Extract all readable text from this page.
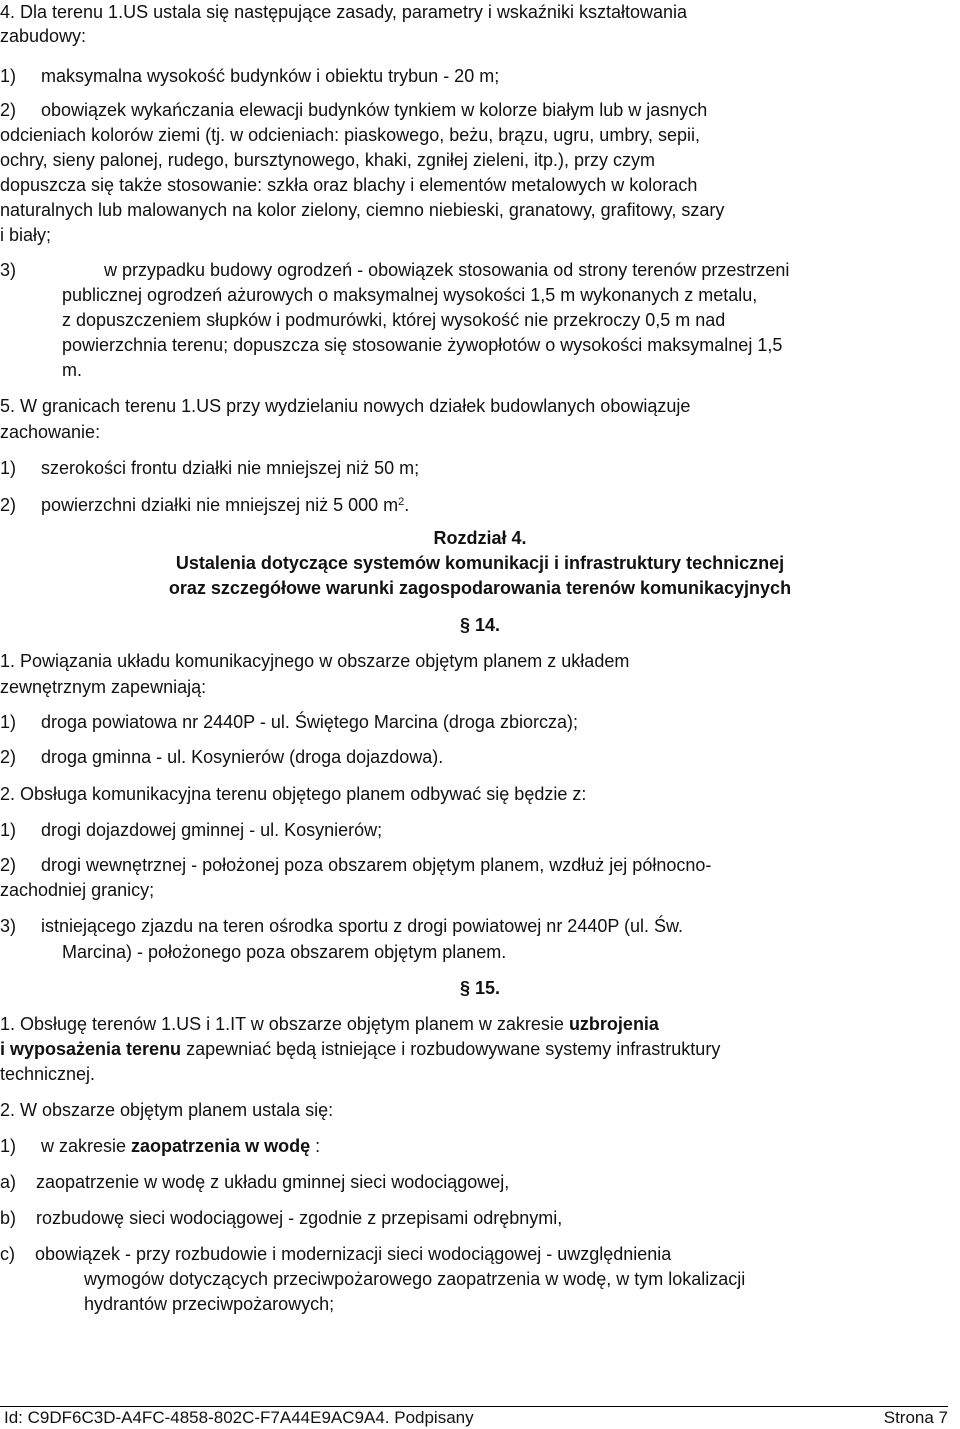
4. Dla terenu 1.US ustala się następujące zasady, parametry i wskaźniki kształtowania
zabudowy:
1)     maksymalna wysokość budynków i obiektu trybun - 20 m;
2)     obowiązek wykańczania elewacji budynków tynkiem w kolorze białym lub w jasnych
odcieniach kolorów ziemi (tj. w odcieniach: piaskowego, beżu, brązu, ugru, umbry, sepii,
ochry, sieny palonej, rudego, bursztynowego, khaki, zgniłej zieleni, itp.), przy czym
dopuszcza się także stosowanie: szkła oraz blachy i elementów metalowych w kolorach
naturalnych lub malowanych na kolor zielony, ciemno niebieski, granatowy, grafitowy, szary
i biały;
3)	w przypadku budowy ogrodzeń - obowiązek stosowania od strony terenów przestrzeni
publicznej ogrodzeń ażurowych o maksymalnej wysokości 1,5 m wykonanych z metalu,
z dopuszczeniem słupków i podmurówki, której wysokość nie przekroczy 0,5 m nad
powierzchnia terenu; dopuszcza się stosowanie żywopłotów o wysokości maksymalnej 1,5
m.
5. W granicach terenu 1.US przy wydzielaniu nowych działek budowlanych obowiązuje
zachowanie:
1)     szerokości frontu działki nie mniejszej niż 50 m;
2)     powierzchni działki nie mniejszej niż 5 000 $m^2$.
Rozdział 4.
Ustalenia dotyczące systemów komunikacji i infrastruktury technicznej
oraz szczegółowe warunki zagospodarowania terenów komunikacyjnych
§ 14.
1. Powiązania układu komunikacyjnego w obszarze objętym planem z układem
zewnętrznym zapewniają:
1)     droga powiatowa nr 2440P - ul. Świętego Marcina (droga zbiorcza);
2)     droga gminna - ul. Kosynierów (droga dojazdowa).
2. Obsługa komunikacyjna terenu objętego planem odbywać się będzie z:
1)     drogi dojazdowej gminnej - ul. Kosynierów;
2)     drogi wewnętrznej - położonej poza obszarem objętym planem, wzdłuż jej północno-
zachodniej granicy;
3)     istniejącego zjazdu na teren ośrodka sportu z drogi powiatowej nr 2440P (ul. Św.
Marcina) - położonego poza obszarem objętym planem.
§ 15.
1. Obsługę terenów 1.US i 1.IT w obszarze objętym planem w zakresie uzbrojenia
i wyposażenia terenu zapewniać będą istniejące i rozbudowywane systemy infrastruktury
technicznej.
2. W obszarze objętym planem ustala się:
1)     w zakresie zaopatrzenia w wodę :
a)    zaopatrzenie w wodę z układu gminnej sieci wodociągowej,
b)    rozbudowę sieci wodociągowej - zgodnie z przepisami odrębnymi,
c)    obowiązek - przy rozbudowie i modernizacji sieci wodociągowej - uwzględnienia
wymogów dotyczących przeciwpożarowego zaopatrzenia w wodę, w tym lokalizacji
hydrantów przeciwpożarowych;
Id: C9DF6C3D-A4FC-4858-802C-F7A44E9AC9A4. Podpisany	Strona 7
